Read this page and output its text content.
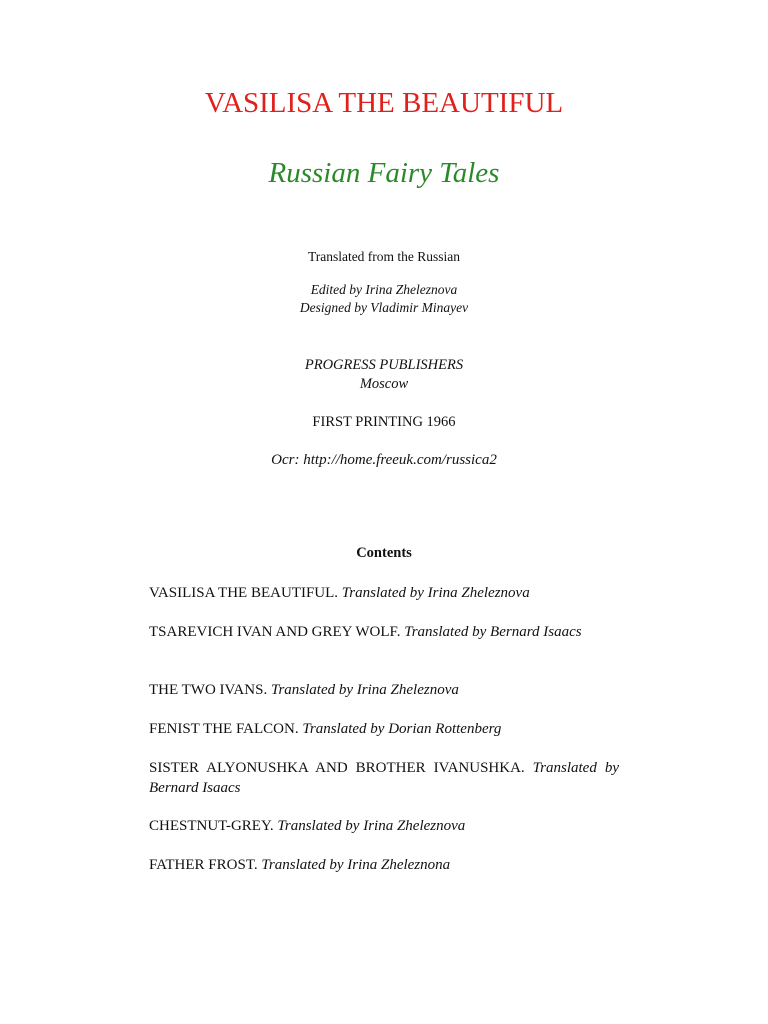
VASILISA THE BEAUTIFUL
Russian Fairy Tales
Translated from the Russian
Edited by Irina Zheleznova
Designed by Vladimir Minayev
PROGRESS PUBLISHERS
Moscow
FIRST PRINTING 1966
Ocr: http://home.freeuk.com/russica2
Contents
VASILISA THE BEAUTIFUL. Translated by Irina Zheleznova
TSAREVICH IVAN AND GREY WOLF. Translated by Bernard Isaacs
THE TWO IVANS. Translated by Irina Zheleznova
FENIST THE FALCON. Translated by Dorian Rottenberg
SISTER ALYONUSHKA AND BROTHER IVANUSHKA. Translated by Bernard Isaacs
CHESTNUT-GREY. Translated by Irina Zheleznova
FATHER FROST. Translated by Irina Zheleznona
